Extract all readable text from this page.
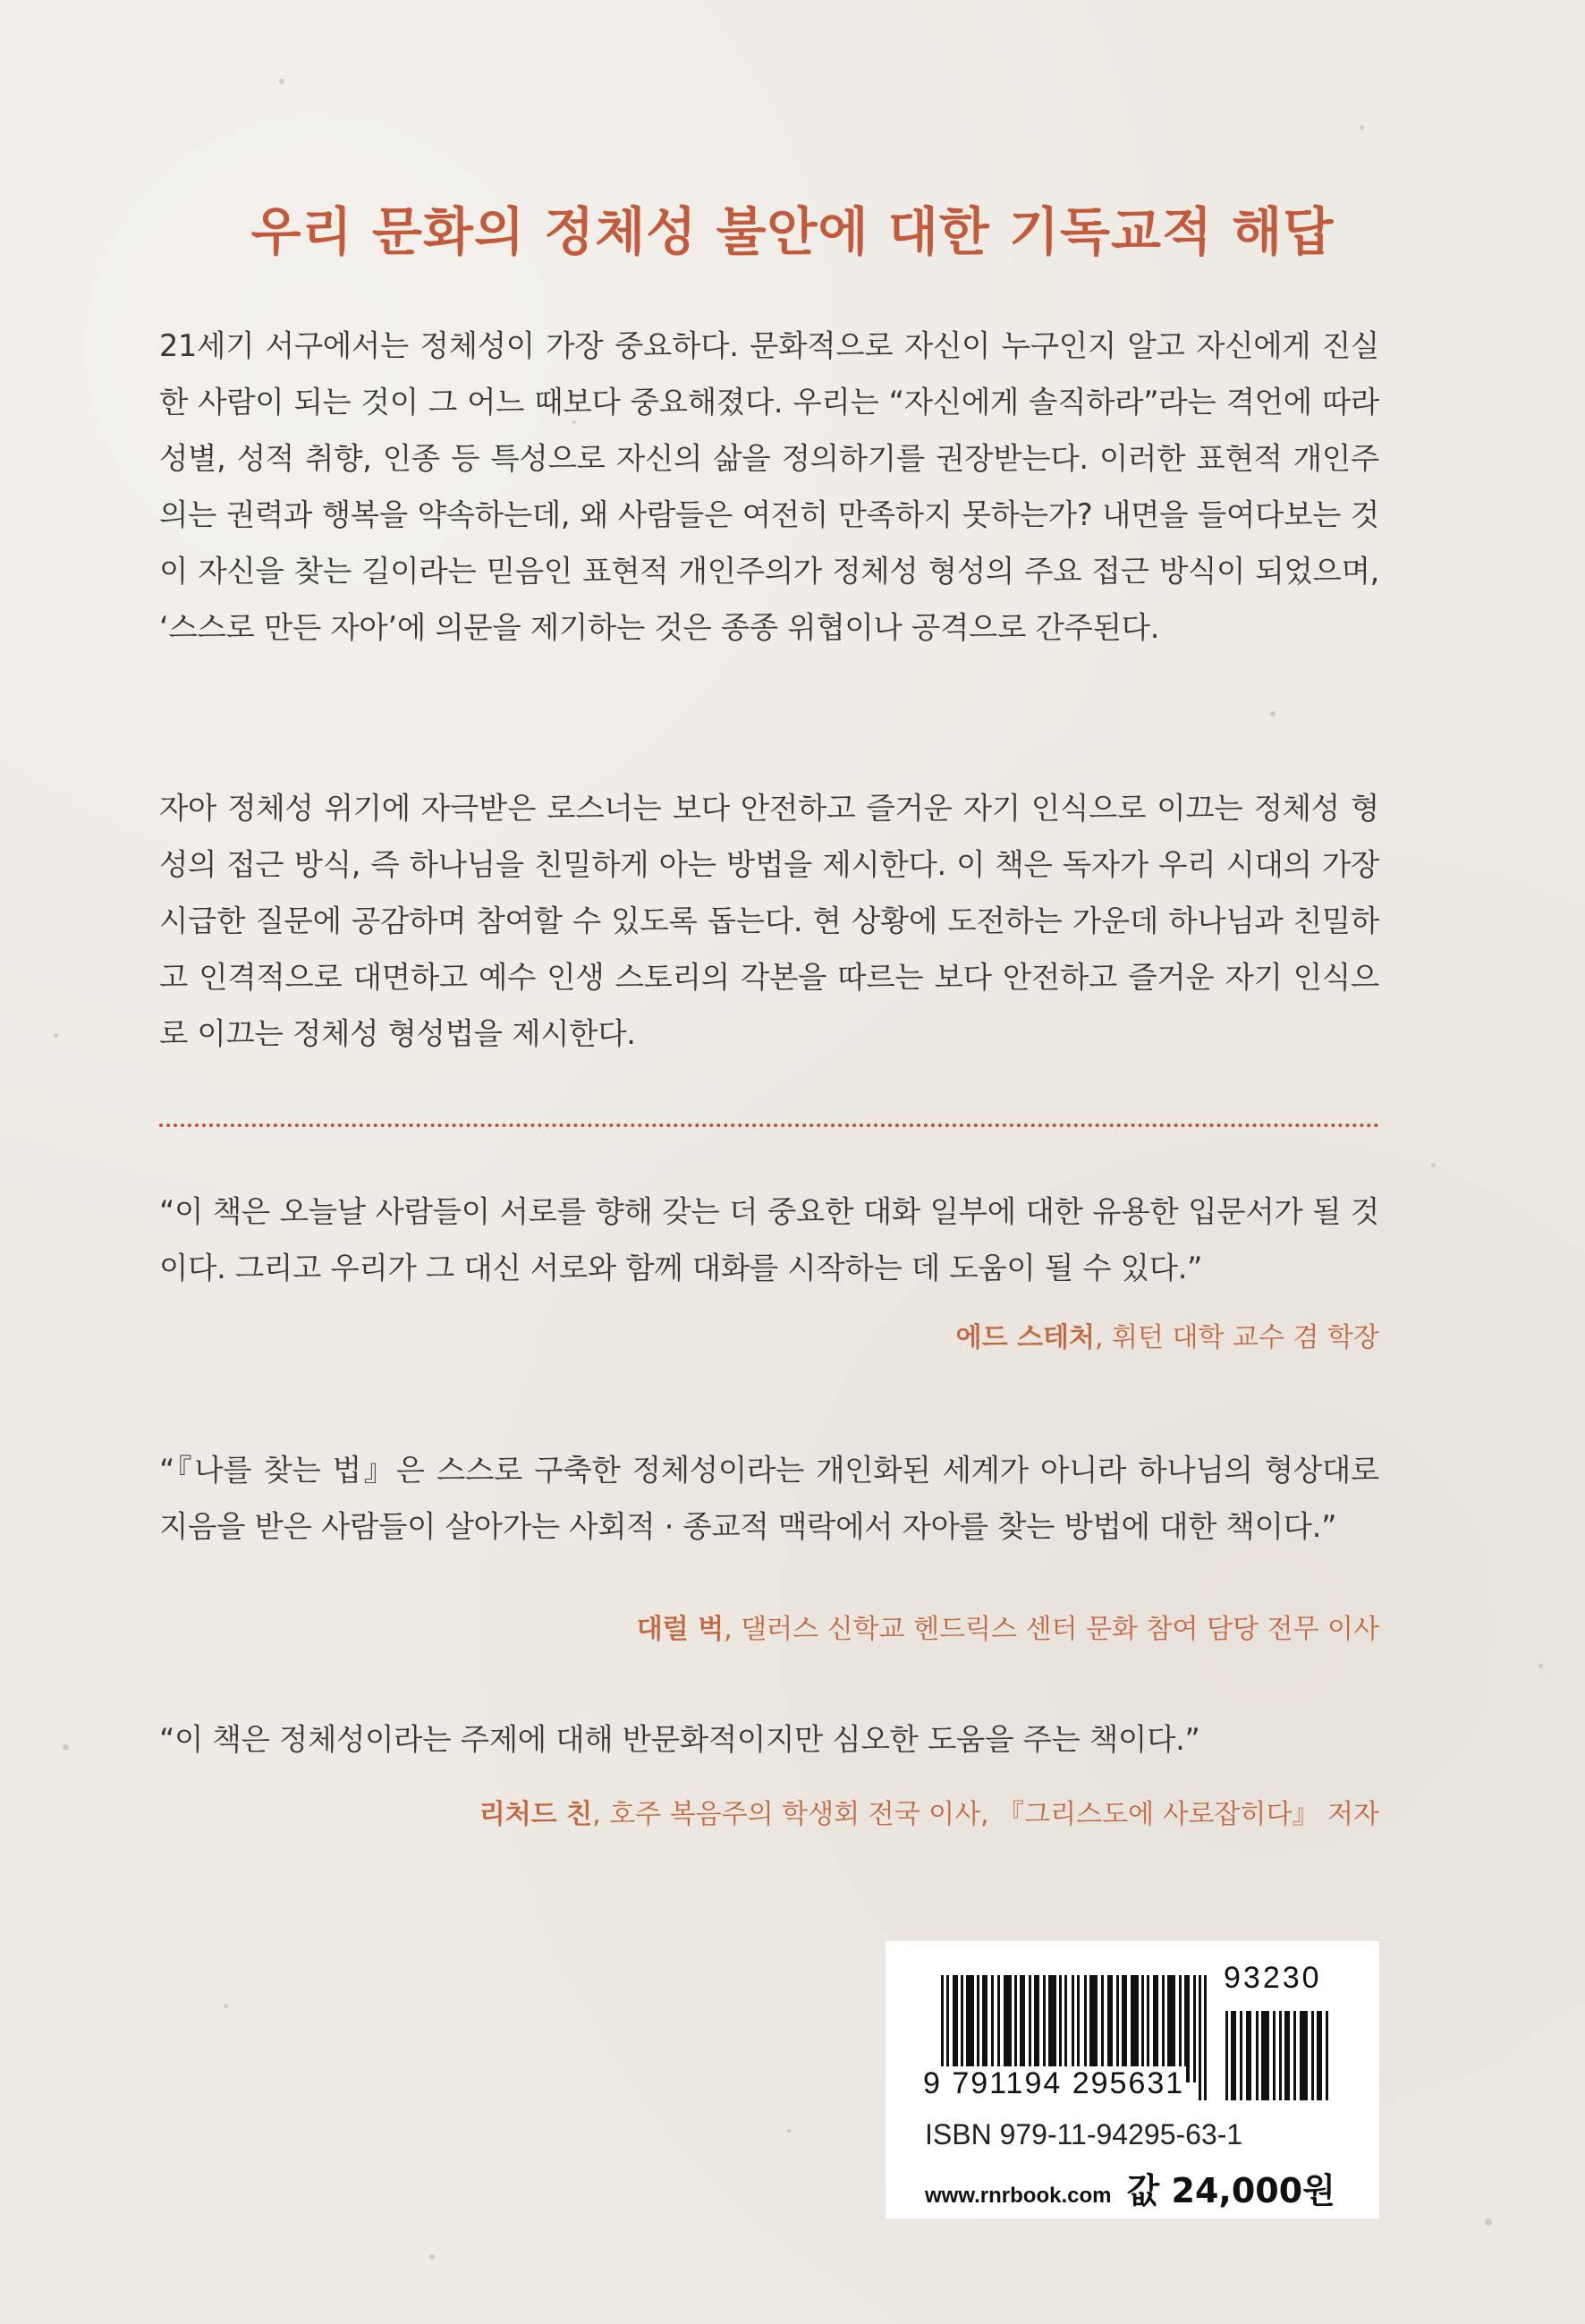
우리 문화의 정체성 불안에 대한 기독교적 해답

21세기 서구에서는 정체성이 가장 중요하다. 문화적으로 자신이 누구인지 알고 자신에게 진실한 사람이 되는 것이 그 어느 때보다 중요해졌다. 우리는 “자신에게 솔직하라”라는 격언에 따라 성별, 성적 취향, 인종 등 특성으로 자신의 삶을 정의하기를 권장받는다. 이러한 표현적 개인주의는 권력과 행복을 약속하는데, 왜 사람들은 여전히 만족하지 못하는가? 내면을 들여다보는 것이 자신을 찾는 길이라는 믿음인 표현적 개인주의가 정체성 형성의 주요 접근 방식이 되었으며, ‘스스로 만든 자아’에 의문을 제기하는 것은 종종 위협이나 공격으로 간주된다.

자아 정체성 위기에 자극받은 로스너는 보다 안전하고 즐거운 자기 인식으로 이끄는 정체성 형성의 접근 방식, 즉 하나님을 친밀하게 아는 방법을 제시한다. 이 책은 독자가 우리 시대의 가장 시급한 질문에 공감하며 참여할 수 있도록 돕는다. 현 상황에 도전하는 가운데 하나님과 친밀하고 인격적으로 대면하고 예수 인생 스토리의 각본을 따르는 보다 안전하고 즐거운 자기 인식으로 이끄는 정체성 형성법을 제시한다.

“이 책은 오늘날 사람들이 서로를 향해 갖는 더 중요한 대화 일부에 대한 유용한 입문서가 될 것이다. 그리고 우리가 그 대신 서로와 함께 대화를 시작하는 데 도움이 될 수 있다.”

에드 스테처, 휘턴 대학 교수 겸 학장

“『나를 찾는 법』은 스스로 구축한 정체성이라는 개인화된 세계가 아니라 하나님의 형상대로 지음을 받은 사람들이 살아가는 사회적 · 종교적 맥락에서 자아를 찾는 방법에 대한 책이다.”

대럴 벅, 댈러스 신학교 헨드릭스 센터 문화 참여 담당 전무 이사

“이 책은 정체성이라는 주제에 대해 반문화적이지만 심오한 도움을 주는 책이다.”

리처드 친, 호주 복음주의 학생회 전국 이사, 『그리스도에 사로잡히다』 저자
93230
9 791194 295631
ISBN 979-11-94295-63-1
www.rnrbook.com 값 24,000원
